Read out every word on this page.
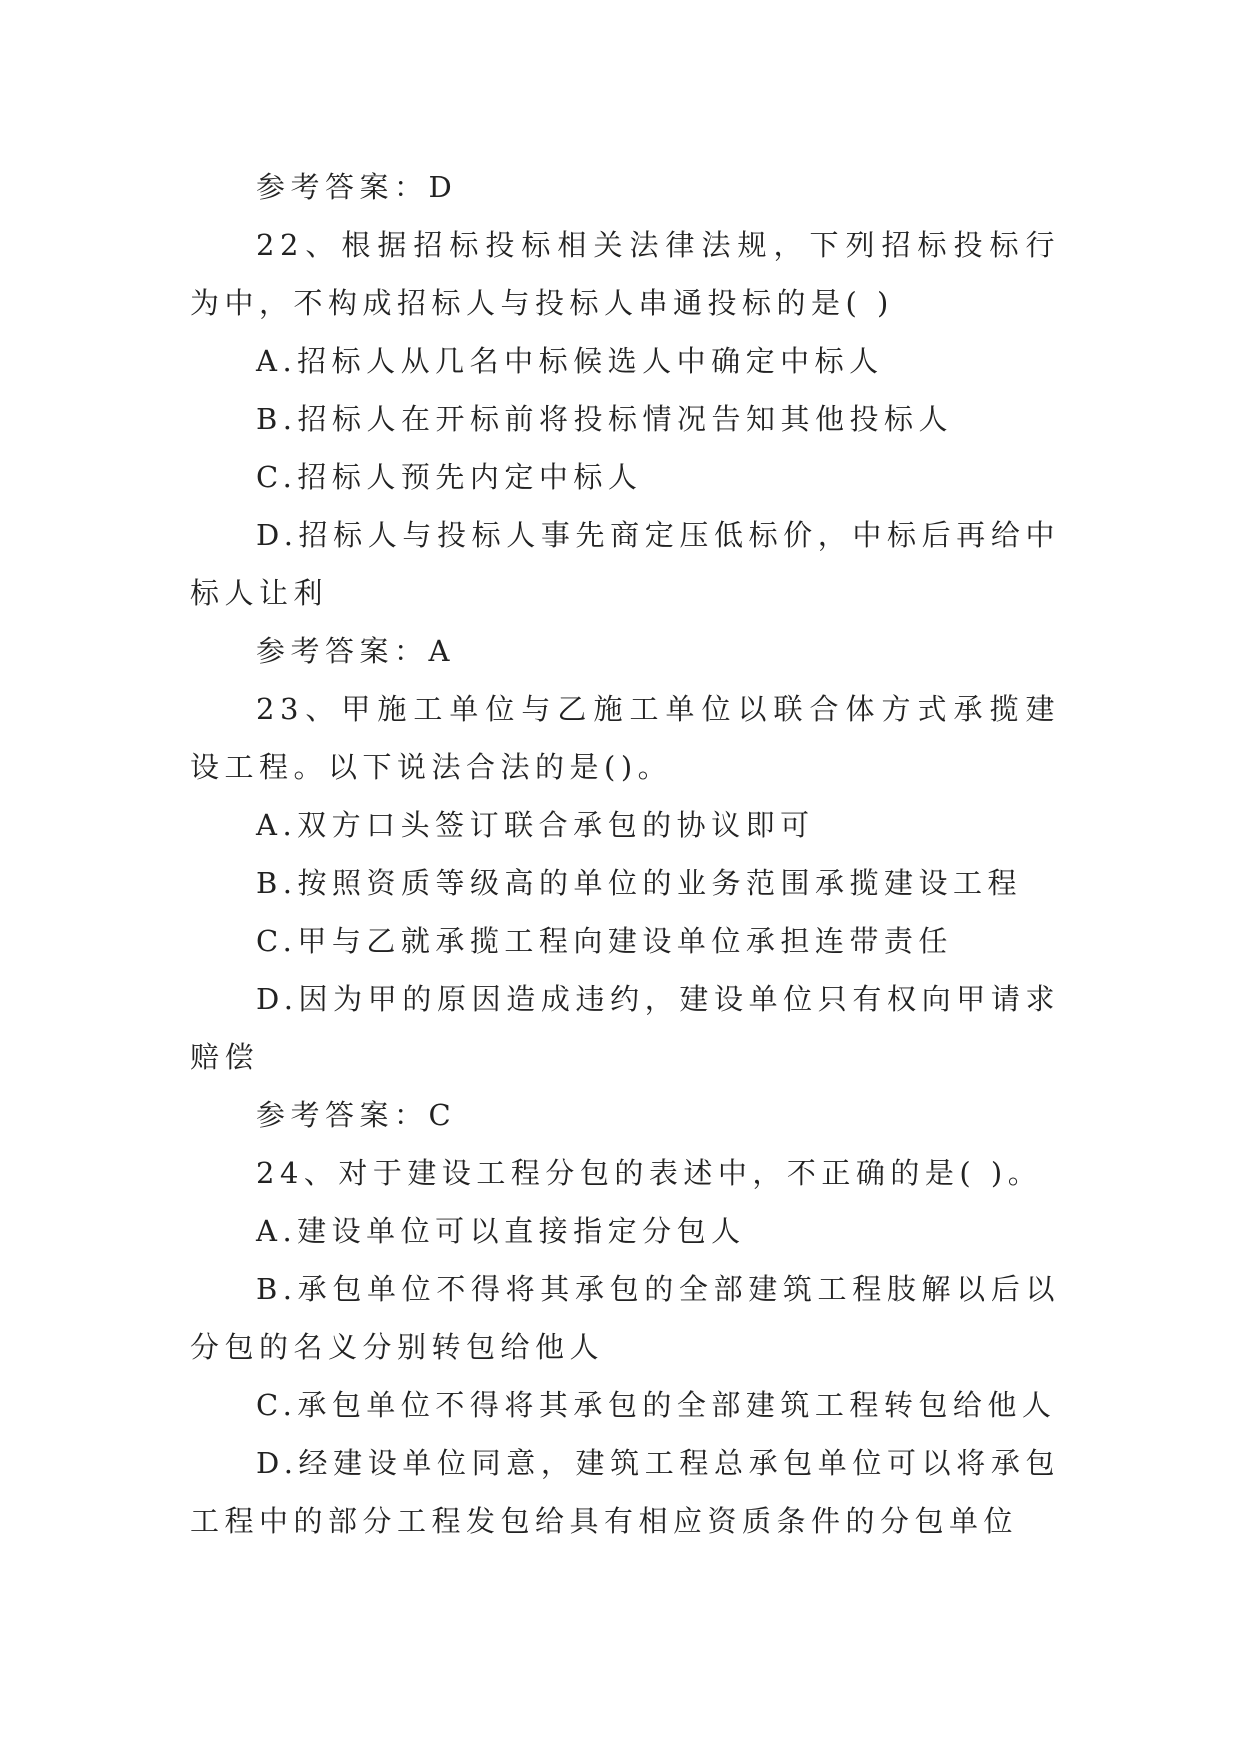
参考答案：D

22、根据招标投标相关法律法规，下列招标投标行为中，不构成招标人与投标人串通投标的是( )

A.招标人从几名中标候选人中确定中标人
B.招标人在开标前将投标情况告知其他投标人
C.招标人预先内定中标人

D.招标人与投标人事先商定压低标价，中标后再给中标人让利

参考答案：A

23、甲施工单位与乙施工单位以联合体方式承揽建设工程。以下说法合法的是()。

A.双方口头签订联合承包的协议即可
B.按照资质等级高的单位的业务范围承揽建设工程
C.甲与乙就承揽工程向建设单位承担连带责任

D.因为甲的原因造成违约，建设单位只有权向甲请求赔偿

参考答案：C
24、对于建设工程分包的表述中，不正确的是( )。
A.建设单位可以直接指定分包人

B.承包单位不得将其承包的全部建筑工程肢解以后以分包的名义分别转包给他人

C.承包单位不得将其承包的全部建筑工程转包给他人

D.经建设单位同意，建筑工程总承包单位可以将承包工程中的部分工程发包给具有相应资质条件的分包单位
